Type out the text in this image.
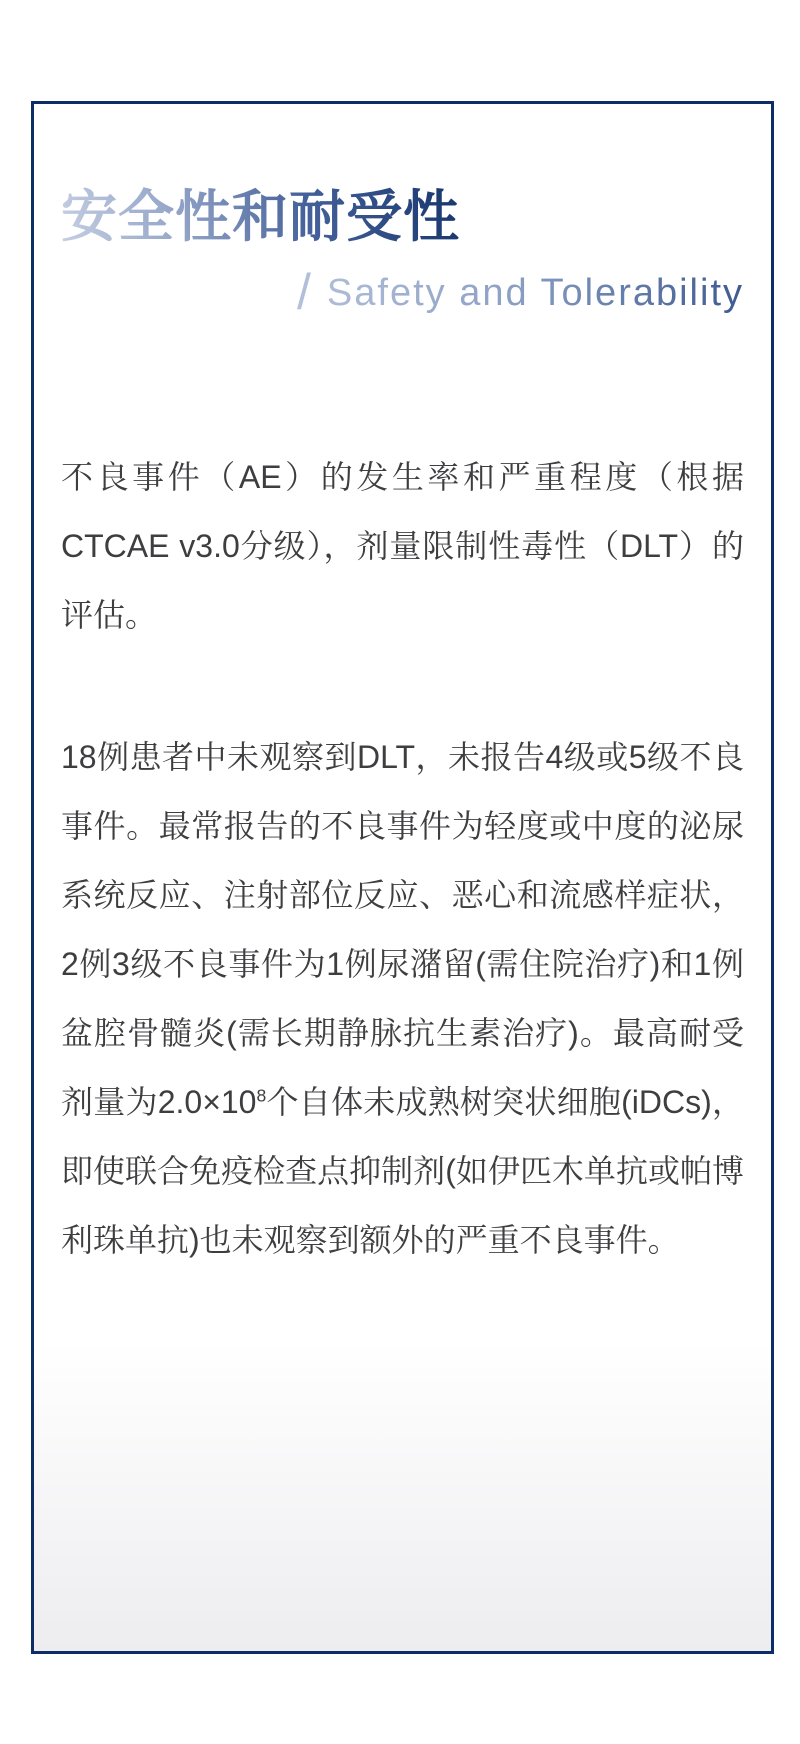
安全性和耐受性
/ Safety and Tolerability

不良事件（AE）的发生率和严重程度（根据CTCAE v3.0分级），剂量限制性毒性（DLT）的评估。

18例患者中未观察到DLT，未报告4级或5级不良事件。最常报告的不良事件为轻度或中度的泌尿系统反应、注射部位反应、恶心和流感样症状，2例3级不良事件为1例尿潴留(需住院治疗)和1例盆腔骨髓炎(需长期静脉抗生素治疗)。最高耐受剂量为$2.0\times 10^8$个自体未成熟树突状细胞(iDCs)，即使联合免疫检查点抑制剂(如伊匹木单抗或帕博利珠单抗)也未观察到额外的严重不良事件。
